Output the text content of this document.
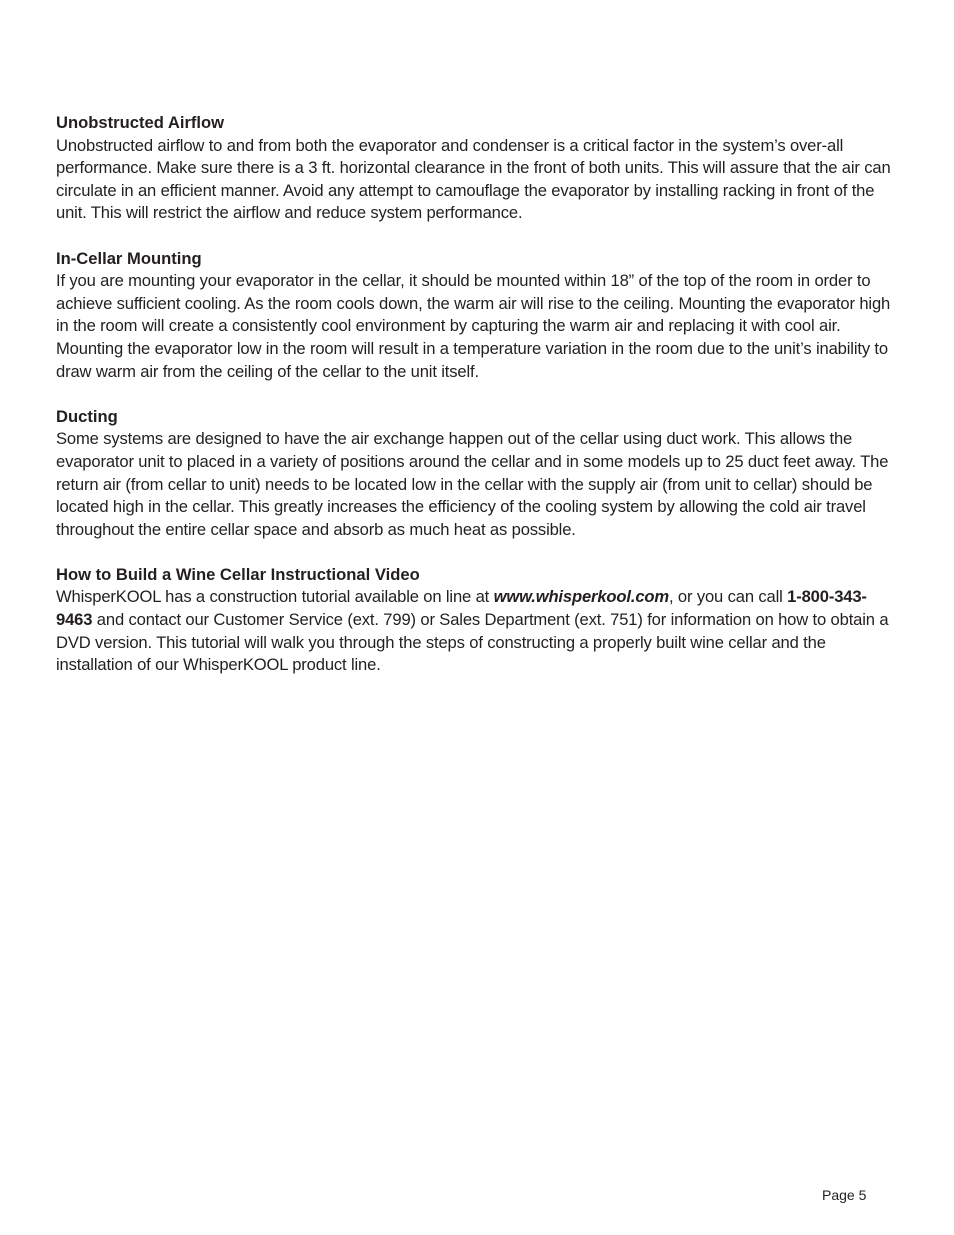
Unobstructed Airflow

Unobstructed airflow to and from both the evaporator and condenser is a critical factor in the system’s over-all performance. Make sure there is a 3 ft. horizontal clearance in the front of both units. This will assure that the air can circulate in an efficient manner. Avoid any attempt to camouflage the evaporator by installing racking in front of the unit. This will restrict the airflow and reduce system performance.

In-Cellar Mounting

If you are mounting your evaporator in the cellar, it should be mounted within 18” of the top of the room in order to achieve sufficient cooling. As the room cools down, the warm air will rise to the ceiling. Mounting the evaporator high in the room will create a consistently cool environment by capturing the warm air and replacing it with cool air. Mounting the evaporator low in the room will result in a temperature variation in the room due to the unit’s inability to draw warm air from the ceiling of the cellar to the unit itself.

Ducting

Some systems are designed to have the air exchange happen out of the cellar using duct work. This allows the evaporator unit to placed in a variety of positions around the cellar and in some models up to 25 duct feet away. The return air (from cellar to unit) needs to be located low in the cellar with the supply air (from unit to cellar) should be located high in the cellar. This greatly increases the efficiency of the cooling system by allowing the cold air travel throughout the entire cellar space and absorb as much heat as possible.

How to Build a Wine Cellar Instructional Video

WhisperKOOL has a construction tutorial available on line at www.whisperkool.com, or you can call 1-800-343-9463 and contact our Customer Service (ext. 799) or Sales Department (ext. 751) for information on how to obtain a DVD version. This tutorial will walk you through the steps of constructing a properly built wine cellar and the installation of our WhisperKOOL product line.

Page 5
